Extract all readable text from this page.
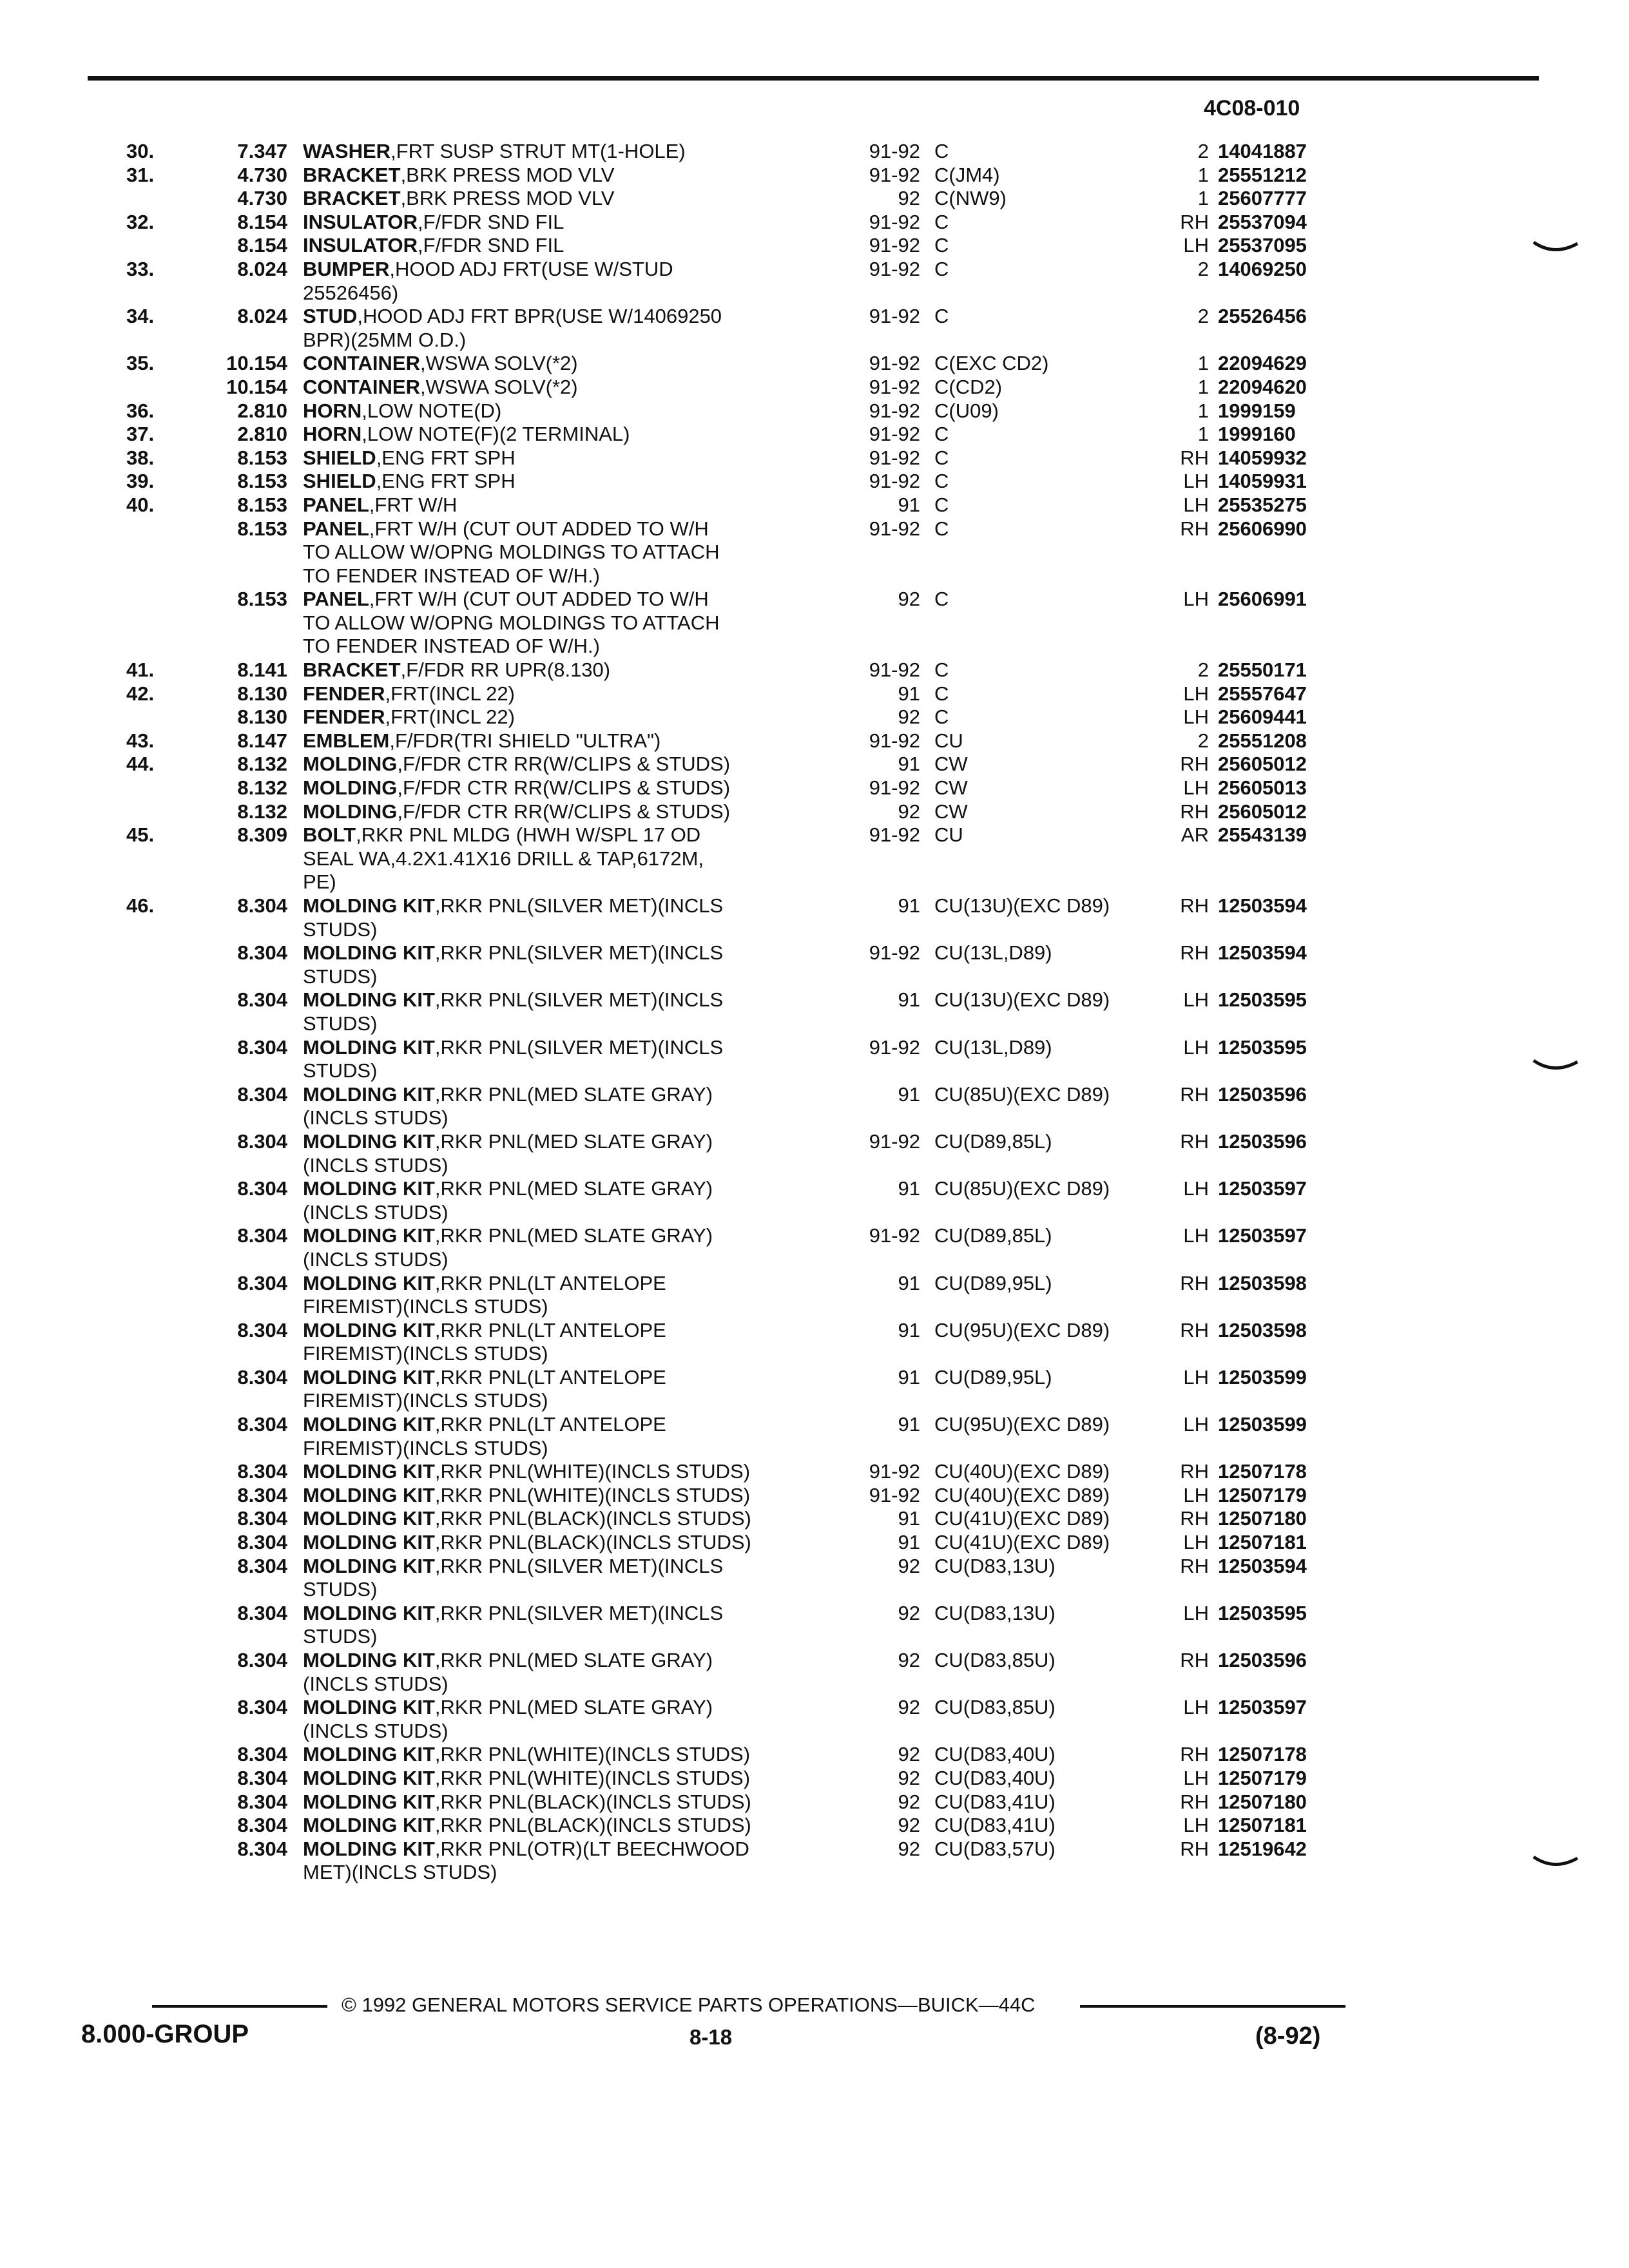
4C08-010
30.	7.347 WASHER,FRT SUSP STRUT MT(1-HOLE)	91-92 C	2 14041887
31.	4.730 BRACKET,BRK PRESS MOD VLV	91-92 C(JM4)	1 25551212
4.730 BRACKET,BRK PRESS MOD VLV	92 C(NW9)	1 25607777
32.	8.154 INSULATOR,F/FDR SND FIL	91-92 C	RH 25537094
8.154 INSULATOR,F/FDR SND FIL	91-92 C	LH 25537095
33.	8.024 BUMPER,HOOD ADJ FRT(USE W/STUD	91-92 C	2 14069250
25526456)
34.	8.024 STUD,HOOD ADJ FRT BPR(USE W/14069250	91-92 C	2 25526456
BPR)(25MM O.D.)
35.	10.154 CONTAINER,WSWA SOLV(*2)	91-92 C(EXC CD2)	1 22094629
10.154 CONTAINER,WSWA SOLV(*2)	91-92 C(CD2)	1 22094620
36.	2.810 HORN,LOW NOTE(D)	91-92 C(U09)	1 1999159
37.	2.810 HORN,LOW NOTE(F)(2 TERMINAL)	91-92 C	1 1999160
38.	8.153 SHIELD,ENG FRT SPH	91-92 C	RH 14059932
39.	8.153 SHIELD,ENG FRT SPH	91-92 C	LH 14059931
40.	8.153 PANEL,FRT W/H	91 C	LH 25535275
8.153 PANEL,FRT W/H (CUT OUT ADDED TO W/H	91-92 C	RH 25606990
TO ALLOW W/OPNG MOLDINGS TO ATTACH
TO FENDER INSTEAD OF W/H.)
8.153 PANEL,FRT W/H (CUT OUT ADDED TO W/H	92 C	LH 25606991
TO ALLOW W/OPNG MOLDINGS TO ATTACH
TO FENDER INSTEAD OF W/H.)
41.	8.141 BRACKET,F/FDR RR UPR(8.130)	91-92 C	2 25550171
42.	8.130 FENDER,FRT(INCL 22)	91 C	LH 25557647
8.130 FENDER,FRT(INCL 22)	92 C	LH 25609441
43.	8.147 EMBLEM,F/FDR(TRI SHIELD "ULTRA")	91-92 CU	2 25551208
44.	8.132 MOLDING,F/FDR CTR RR(W/CLIPS & STUDS)	91 CW	RH 25605012
8.132 MOLDING,F/FDR CTR RR(W/CLIPS & STUDS)	91-92 CW	LH 25605013
8.132 MOLDING,F/FDR CTR RR(W/CLIPS & STUDS)	92 CW	RH 25605012
45.	8.309 BOLT,RKR PNL MLDG (HWH W/SPL 17 OD	91-92 CU	AR 25543139
SEAL WA,4.2X1.41X16 DRILL & TAP,6172M,
PE)
46.	8.304 MOLDING KIT,RKR PNL(SILVER MET)(INCLS	91 CU(13U)(EXC D89)	RH 12503594
STUDS)
8.304 MOLDING KIT,RKR PNL(SILVER MET)(INCLS	91-92 CU(13L,D89)	RH 12503594
STUDS)
8.304 MOLDING KIT,RKR PNL(SILVER MET)(INCLS	91 CU(13U)(EXC D89)	LH 12503595
STUDS)
8.304 MOLDING KIT,RKR PNL(SILVER MET)(INCLS	91-92 CU(13L,D89)	LH 12503595
STUDS)
8.304 MOLDING KIT,RKR PNL(MED SLATE GRAY)	91 CU(85U)(EXC D89)	RH 12503596
(INCLS STUDS)
8.304 MOLDING KIT,RKR PNL(MED SLATE GRAY)	91-92 CU(D89,85L)	RH 12503596
(INCLS STUDS)
8.304 MOLDING KIT,RKR PNL(MED SLATE GRAY)	91 CU(85U)(EXC D89)	LH 12503597
(INCLS STUDS)
8.304 MOLDING KIT,RKR PNL(MED SLATE GRAY)	91-92 CU(D89,85L)	LH 12503597
(INCLS STUDS)
8.304 MOLDING KIT,RKR PNL(LT ANTELOPE	91 CU(D89,95L)	RH 12503598
FIREMIST)(INCLS STUDS)
8.304 MOLDING KIT,RKR PNL(LT ANTELOPE	91 CU(95U)(EXC D89)	RH 12503598
FIREMIST)(INCLS STUDS)
8.304 MOLDING KIT,RKR PNL(LT ANTELOPE	91 CU(D89,95L)	LH 12503599
FIREMIST)(INCLS STUDS)
8.304 MOLDING KIT,RKR PNL(LT ANTELOPE	91 CU(95U)(EXC D89)	LH 12503599
FIREMIST)(INCLS STUDS)
8.304 MOLDING KIT,RKR PNL(WHITE)(INCLS STUDS)	91-92 CU(40U)(EXC D89)	RH 12507178
8.304 MOLDING KIT,RKR PNL(WHITE)(INCLS STUDS)	91-92 CU(40U)(EXC D89)	LH 12507179
8.304 MOLDING KIT,RKR PNL(BLACK)(INCLS STUDS)	91 CU(41U)(EXC D89)	RH 12507180
8.304 MOLDING KIT,RKR PNL(BLACK)(INCLS STUDS)	91 CU(41U)(EXC D89)	LH 12507181
8.304 MOLDING KIT,RKR PNL(SILVER MET)(INCLS	92 CU(D83,13U)	RH 12503594
STUDS)
8.304 MOLDING KIT,RKR PNL(SILVER MET)(INCLS	92 CU(D83,13U)	LH 12503595
STUDS)
8.304 MOLDING KIT,RKR PNL(MED SLATE GRAY)	92 CU(D83,85U)	RH 12503596
(INCLS STUDS)
8.304 MOLDING KIT,RKR PNL(MED SLATE GRAY)	92 CU(D83,85U)	LH 12503597
(INCLS STUDS)
8.304 MOLDING KIT,RKR PNL(WHITE)(INCLS STUDS)	92 CU(D83,40U)	RH 12507178
8.304 MOLDING KIT,RKR PNL(WHITE)(INCLS STUDS)	92 CU(D83,40U)	LH 12507179
8.304 MOLDING KIT,RKR PNL(BLACK)(INCLS STUDS)	92 CU(D83,41U)	RH 12507180
8.304 MOLDING KIT,RKR PNL(BLACK)(INCLS STUDS)	92 CU(D83,41U)	LH 12507181
8.304 MOLDING KIT,RKR PNL(OTR)(LT BEECHWOOD	92 CU(D83,57U)	RH 12519642
MET)(INCLS STUDS)
© 1992 GENERAL MOTORS SERVICE PARTS OPERATIONS—BUICK—44C
8.000-GROUP	8-18	(8-92)
